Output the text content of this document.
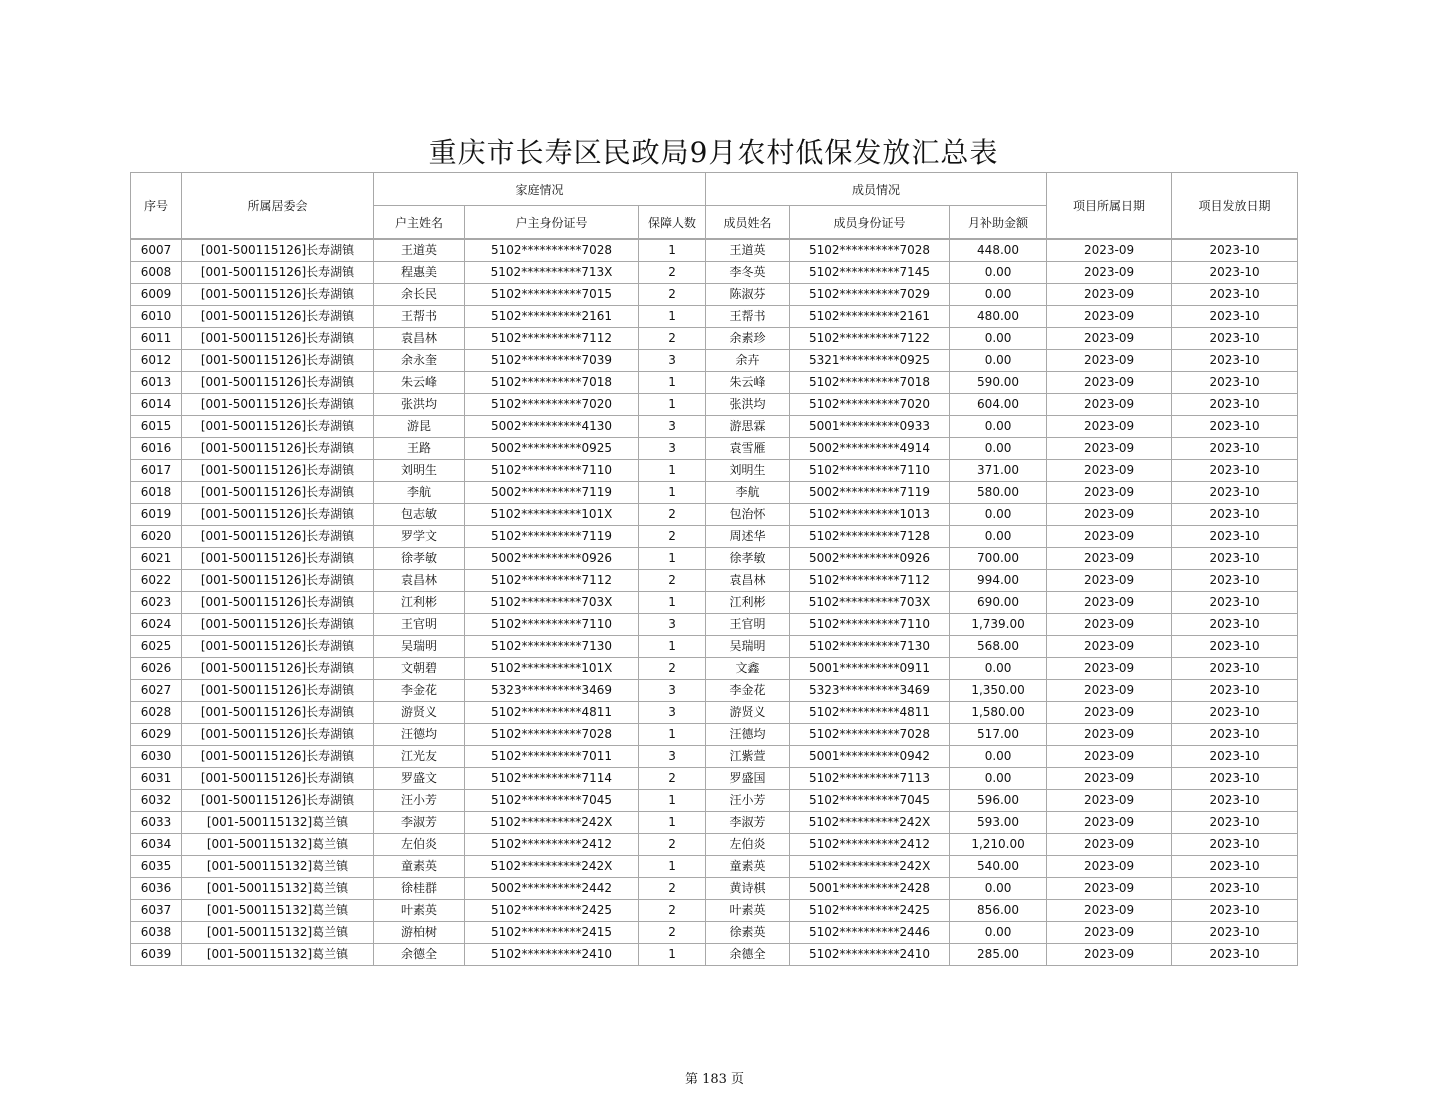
重庆市长寿区民政局9月农村低保发放汇总表
序号	所属居委会	家庭情况			成员情况			项目所属日期	项目发放日期
		户主姓名	户主身份证号	保障人数	成员姓名	成员身份证号	月补助金额		
6007	[001-500115126]长寿湖镇	王道英	5102**********7028	1	王道英	5102**********7028	448.00	2023-09	2023-10
6008	[001-500115126]长寿湖镇	程惠美	5102**********713X	2	李冬英	5102**********7145	0.00	2023-09	2023-10
6009	[001-500115126]长寿湖镇	余长民	5102**********7015	2	陈淑芬	5102**********7029	0.00	2023-09	2023-10
6010	[001-500115126]长寿湖镇	王帮书	5102**********2161	1	王帮书	5102**********2161	480.00	2023-09	2023-10
6011	[001-500115126]长寿湖镇	袁昌林	5102**********7112	2	余素珍	5102**********7122	0.00	2023-09	2023-10
6012	[001-500115126]长寿湖镇	余永奎	5102**********7039	3	余卉	5321**********0925	0.00	2023-09	2023-10
6013	[001-500115126]长寿湖镇	朱云峰	5102**********7018	1	朱云峰	5102**********7018	590.00	2023-09	2023-10
6014	[001-500115126]长寿湖镇	张洪均	5102**********7020	1	张洪均	5102**********7020	604.00	2023-09	2023-10
6015	[001-500115126]长寿湖镇	游昆	5002**********4130	3	游思霖	5001**********0933	0.00	2023-09	2023-10
6016	[001-500115126]长寿湖镇	王路	5002**********0925	3	袁雪雁	5002**********4914	0.00	2023-09	2023-10
6017	[001-500115126]长寿湖镇	刘明生	5102**********7110	1	刘明生	5102**********7110	371.00	2023-09	2023-10
6018	[001-500115126]长寿湖镇	李航	5002**********7119	1	李航	5002**********7119	580.00	2023-09	2023-10
6019	[001-500115126]长寿湖镇	包志敏	5102**********101X	2	包治怀	5102**********1013	0.00	2023-09	2023-10
6020	[001-500115126]长寿湖镇	罗学文	5102**********7119	2	周述华	5102**********7128	0.00	2023-09	2023-10
6021	[001-500115126]长寿湖镇	徐孝敏	5002**********0926	1	徐孝敏	5002**********0926	700.00	2023-09	2023-10
6022	[001-500115126]长寿湖镇	袁昌林	5102**********7112	2	袁昌林	5102**********7112	994.00	2023-09	2023-10
6023	[001-500115126]长寿湖镇	江利彬	5102**********703X	1	江利彬	5102**********703X	690.00	2023-09	2023-10
6024	[001-500115126]长寿湖镇	王官明	5102**********7110	3	王官明	5102**********7110	1,739.00	2023-09	2023-10
6025	[001-500115126]长寿湖镇	吴瑞明	5102**********7130	1	吴瑞明	5102**********7130	568.00	2023-09	2023-10
6026	[001-500115126]长寿湖镇	文朝碧	5102**********101X	2	文鑫	5001**********0911	0.00	2023-09	2023-10
6027	[001-500115126]长寿湖镇	李金花	5323**********3469	3	李金花	5323**********3469	1,350.00	2023-09	2023-10
6028	[001-500115126]长寿湖镇	游贤义	5102**********4811	3	游贤义	5102**********4811	1,580.00	2023-09	2023-10
6029	[001-500115126]长寿湖镇	汪德均	5102**********7028	1	汪德均	5102**********7028	517.00	2023-09	2023-10
6030	[001-500115126]长寿湖镇	江光友	5102**********7011	3	江紫萱	5001**********0942	0.00	2023-09	2023-10
6031	[001-500115126]长寿湖镇	罗盛文	5102**********7114	2	罗盛国	5102**********7113	0.00	2023-09	2023-10
6032	[001-500115126]长寿湖镇	汪小芳	5102**********7045	1	汪小芳	5102**********7045	596.00	2023-09	2023-10
6033	[001-500115132]葛兰镇	李淑芳	5102**********242X	1	李淑芳	5102**********242X	593.00	2023-09	2023-10
6034	[001-500115132]葛兰镇	左伯炎	5102**********2412	2	左伯炎	5102**********2412	1,210.00	2023-09	2023-10
6035	[001-500115132]葛兰镇	童素英	5102**********242X	1	童素英	5102**********242X	540.00	2023-09	2023-10
6036	[001-500115132]葛兰镇	徐桂群	5002**********2442	2	黄诗棋	5001**********2428	0.00	2023-09	2023-10
6037	[001-500115132]葛兰镇	叶素英	5102**********2425	2	叶素英	5102**********2425	856.00	2023-09	2023-10
6038	[001-500115132]葛兰镇	游柏树	5102**********2415	2	徐素英	5102**********2446	0.00	2023-09	2023-10
6039	[001-500115132]葛兰镇	余德全	5102**********2410	1	余德全	5102**********2410	285.00	2023-09	2023-10
第 183 页
